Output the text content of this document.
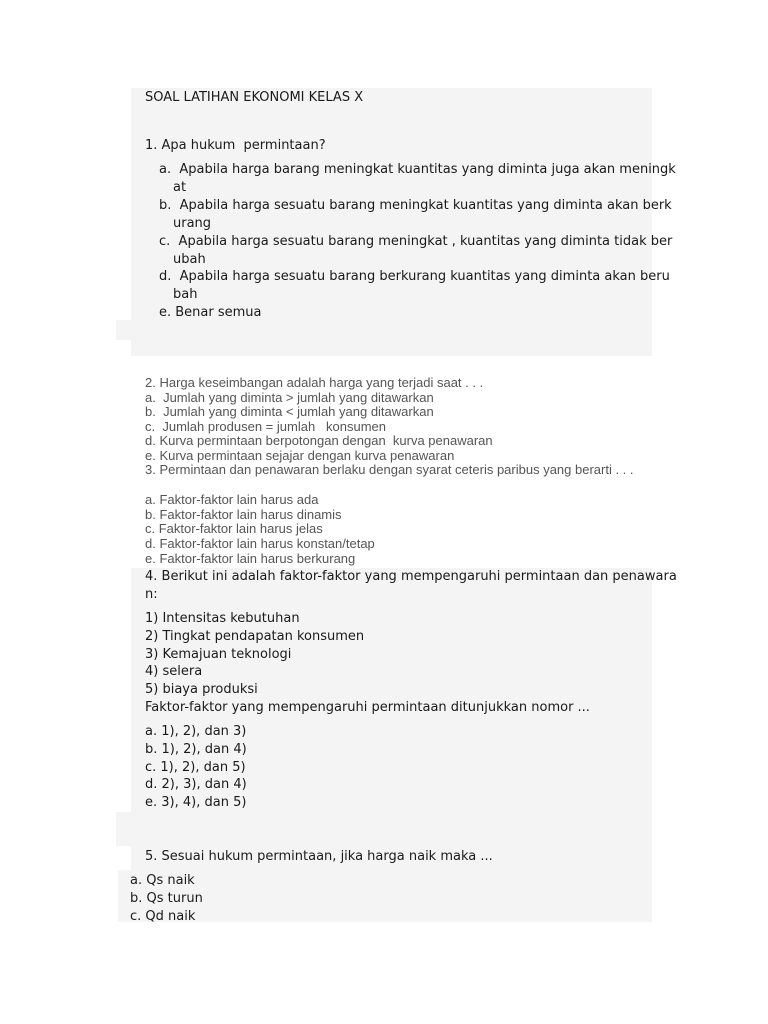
SOAL LATIHAN EKONOMI KELAS X
1. Apa hukum  permintaan?
a.  Apabila harga barang meningkat kuantitas yang diminta juga akan meningk
at
b.  Apabila harga sesuatu barang meningkat kuantitas yang diminta akan berk
urang
c.  Apabila harga sesuatu barang meningkat , kuantitas yang diminta tidak ber
ubah
d.  Apabila harga sesuatu barang berkurang kuantitas yang diminta akan beru
bah
e. Benar semua
2. Harga keseimbangan adalah harga yang terjadi saat . . .
a.  Jumlah yang diminta > jumlah yang ditawarkan
b.  Jumlah yang diminta < jumlah yang ditawarkan
c.  Jumlah produsen = jumlah   konsumen
d. Kurva permintaan berpotongan dengan  kurva penawaran
e. Kurva permintaan sejajar dengan kurva penawaran
3. Permintaan dan penawaran berlaku dengan syarat ceteris paribus yang berarti . . .
a. Faktor-faktor lain harus ada
b. Faktor-faktor lain harus dinamis
c. Faktor-faktor lain harus jelas
d. Faktor-faktor lain harus konstan/tetap
e. Faktor-faktor lain harus berkurang
4. Berikut ini adalah faktor-faktor yang mempengaruhi permintaan dan penawara
n:
1) Intensitas kebutuhan
2) Tingkat pendapatan konsumen
3) Kemajuan teknologi
4) selera
5) biaya produksi
Faktor-faktor yang mempengaruhi permintaan ditunjukkan nomor ...
a. 1), 2), dan 3)
b. 1), 2), dan 4)
c. 1), 2), dan 5)
d. 2), 3), dan 4)
e. 3), 4), dan 5)
5. Sesuai hukum permintaan, jika harga naik maka ...
a. Qs naik
b. Qs turun
c. Qd naik
